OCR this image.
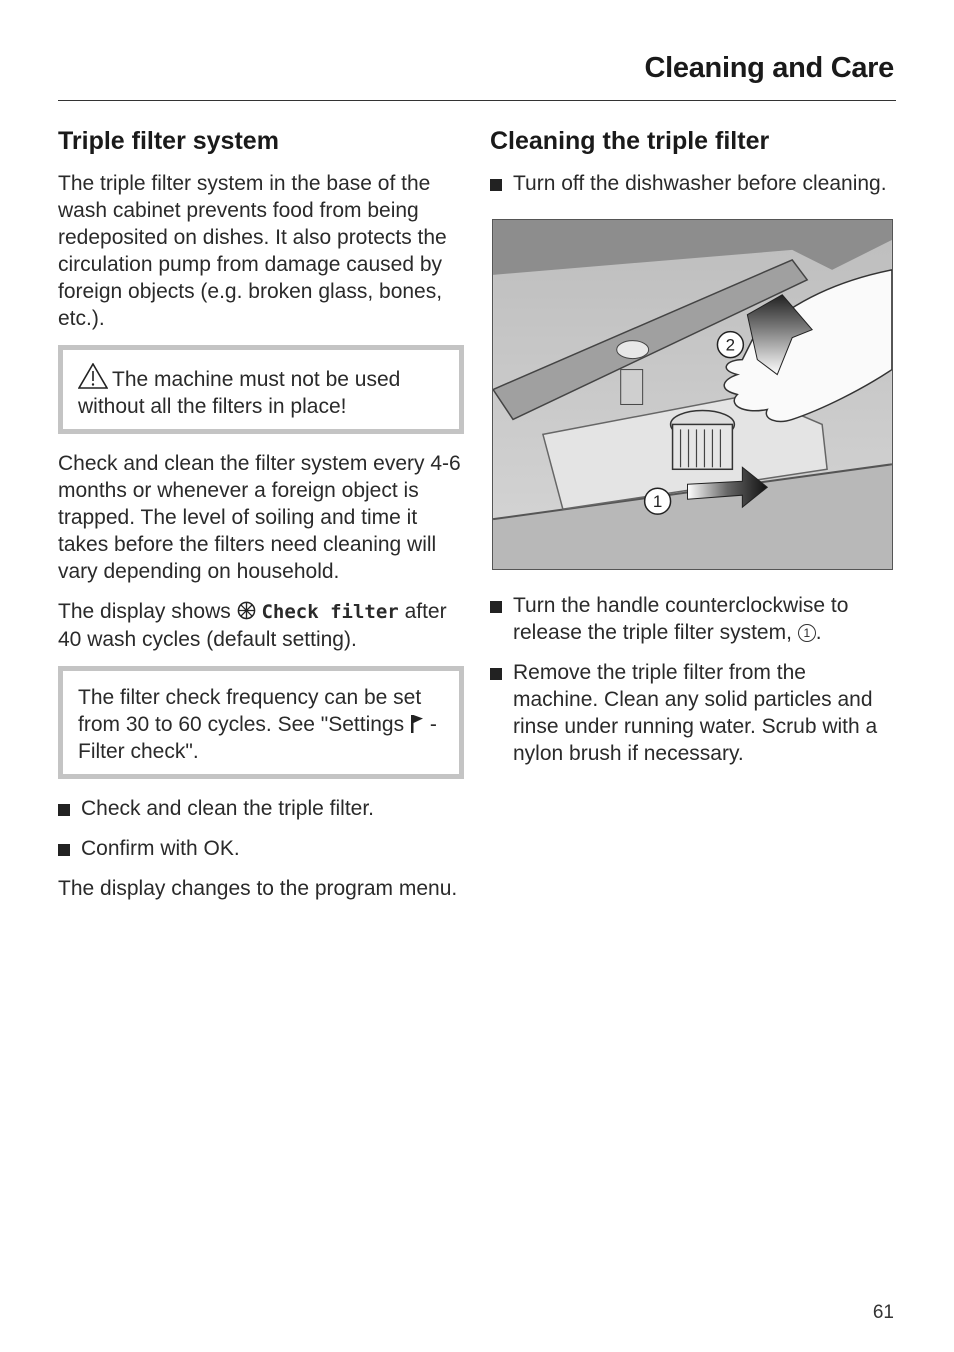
Cleaning and Care
Triple filter system

The triple filter system in the base of the wash cabinet prevents food from being redeposited on dishes. It also protects the circulation pump from damage caused by foreign objects (e.g. broken glass, bones, etc.).

The machine must not be used without all the filters in place!

Check and clean the filter system every 4-6 months or whenever a foreign object is trapped. The level of soiling and time it takes before the filters need cleaning will vary depending on household.

The display shows Check filter after 40 wash cycles (default setting).

The filter check frequency can be set from 30 to 60 cycles. See "Settings - Filter check".

Check and clean the triple filter.
Confirm with OK.

The display changes to the program menu.

Cleaning the triple filter
Turn off the dishwasher before cleaning.
2
1
Turn the handle counterclockwise to release the triple filter system, 1 .
Remove the triple filter from the machine. Clean any solid particles and rinse under running water. Scrub with a nylon brush if necessary.
61
